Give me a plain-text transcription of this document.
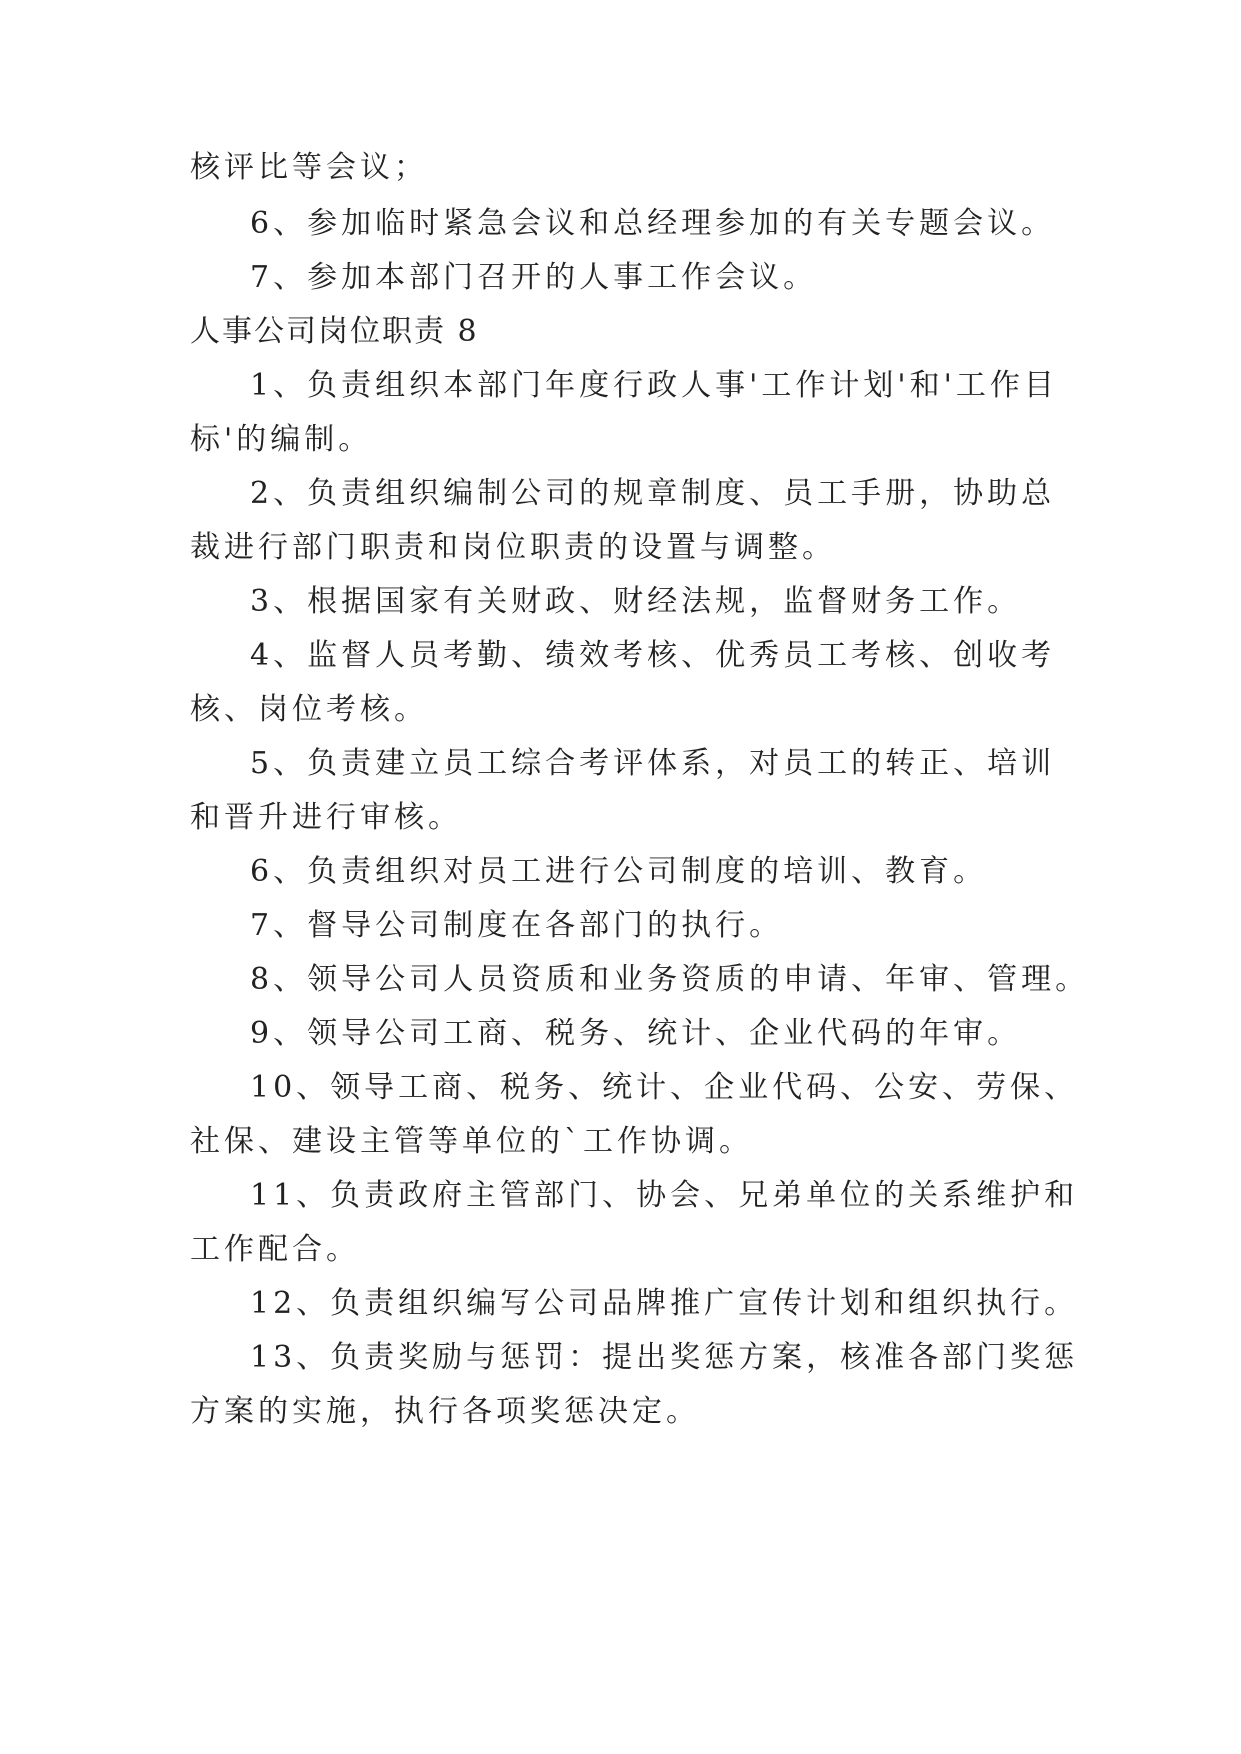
核评比等会议；
6、参加临时紧急会议和总经理参加的有关专题会议。
7、参加本部门召开的人事工作会议。
人事公司岗位职责 8
1、负责组织本部门年度行政人事'工作计划'和'工作目
标'的编制。
2、负责组织编制公司的规章制度、员工手册，协助总
裁进行部门职责和岗位职责的设置与调整。
3、根据国家有关财政、财经法规，监督财务工作。
4、监督人员考勤、绩效考核、优秀员工考核、创收考
核、岗位考核。
5、负责建立员工综合考评体系，对员工的转正、培训
和晋升进行审核。
6、负责组织对员工进行公司制度的培训、教育。
7、督导公司制度在各部门的执行。
8、领导公司人员资质和业务资质的申请、年审、管理。
9、领导公司工商、税务、统计、企业代码的年审。
10、领导工商、税务、统计、企业代码、公安、劳保、
社保、建设主管等单位的`工作协调。
11、负责政府主管部门、协会、兄弟单位的关系维护和
工作配合。
12、负责组织编写公司品牌推广宣传计划和组织执行。
13、负责奖励与惩罚：提出奖惩方案，核准各部门奖惩
方案的实施，执行各项奖惩决定。
